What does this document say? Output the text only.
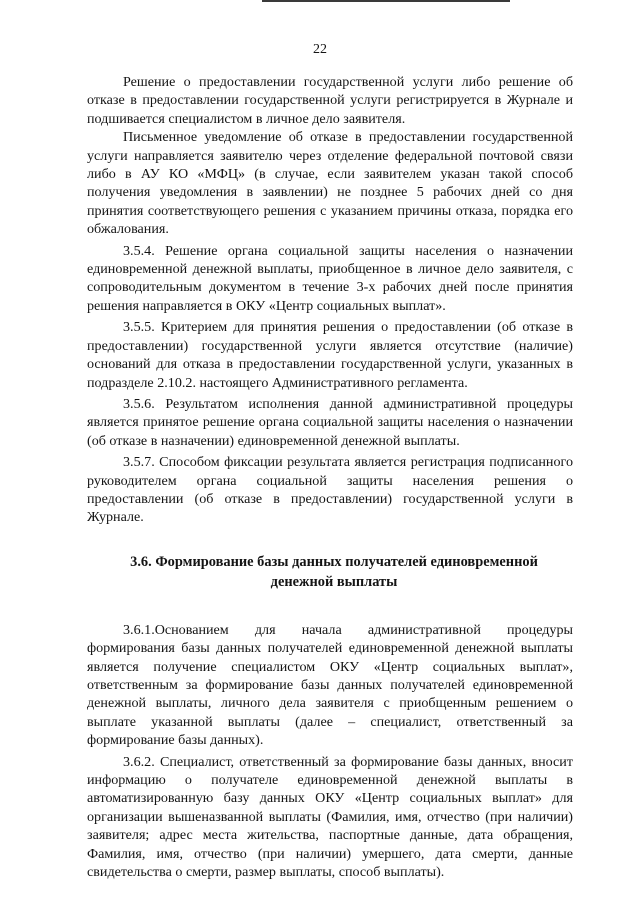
22

Решение о предоставлении государственной услуги либо решение об отказе в предоставлении государственной услуги регистрируется в Журнале и подшивается специалистом в личное дело заявителя.

Письменное уведомление об отказе в предоставлении государственной услуги направляется заявителю через отделение федеральной почтовой связи либо в АУ КО «МФЦ» (в случае, если заявителем указан такой способ получения уведомления в заявлении) не позднее 5 рабочих дней со дня принятия соответствующего решения с указанием причины отказа, порядка его обжалования.

3.5.4. Решение органа социальной защиты населения о назначении единовременной денежной выплаты, приобщенное в личное дело заявителя, с сопроводительным документом в течение 3-х рабочих дней после принятия решения направляется в ОКУ «Центр социальных выплат».

3.5.5. Критерием для принятия решения о предоставлении (об отказе в предоставлении) государственной услуги является отсутствие (наличие) оснований для отказа в предоставлении государственной услуги, указанных в подразделе 2.10.2. настоящего Административного регламента.

3.5.6. Результатом исполнения данной административной процедуры является принятое решение органа социальной защиты населения о назначении (об отказе в назначении) единовременной денежной выплаты.

3.5.7. Способом фиксации результата является регистрация подписанного руководителем органа социальной защиты населения решения о предоставлении (об отказе в предоставлении) государственной услуги в Журнале.

3.6. Формирование базы данных получателей единовременной денежной выплаты

3.6.1.Основанием для начала административной процедуры формирования базы данных получателей единовременной денежной выплаты является получение специалистом ОКУ «Центр социальных выплат», ответственным за формирование базы данных получателей единовременной денежной выплаты, личного дела заявителя с приобщенным решением о выплате указанной выплаты (далее – специалист, ответственный за формирование базы данных).

3.6.2. Специалист, ответственный за формирование базы данных, вносит информацию о получателе единовременной денежной выплаты в автоматизированную базу данных ОКУ «Центр социальных выплат» для организации вышеназванной выплаты (Фамилия, имя, отчество (при наличии) заявителя; адрес места жительства, паспортные данные, дата обращения, Фамилия, имя, отчество (при наличии) умершего, дата смерти, данные свидетельства о смерти, размер выплаты, способ выплаты).
